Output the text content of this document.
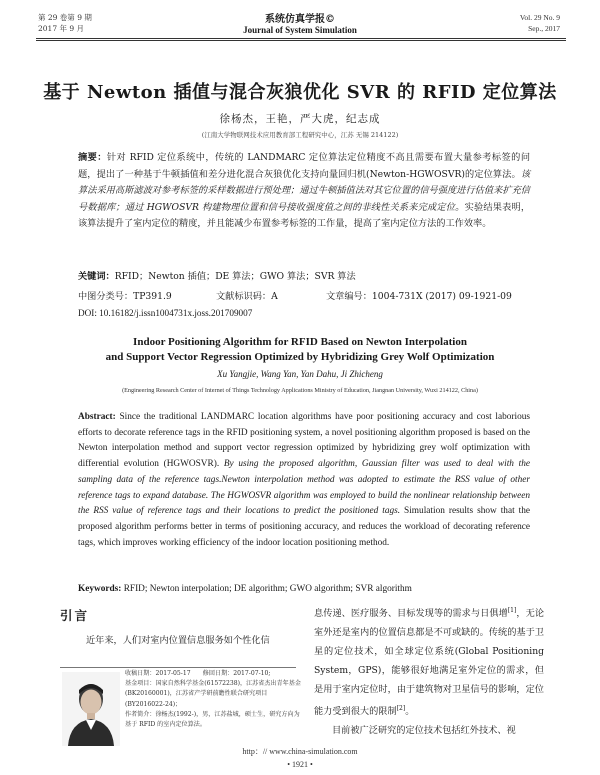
第 29 卷第 9 期
2017 年 9 月
系统仿真学报©
Journal of System Simulation
Vol. 29 No. 9
Sep., 2017
基于 Newton 插值与混合灰狼优化 SVR 的 RFID 定位算法
徐杨杰，王艳，严大虎，纪志成
(江南大学物联网技术应用教育部工程研究中心，江苏 无锡 214122)
摘要：针对 RFID 定位系统中，传统的 LANDMARC 定位算法定位精度不高且需要布置大量参考标签的问题，提出了一种基于牛顿插值和差分进化混合灰狼优化支持向量回归机(Newton-HGWOSVR)的定位算法。该算法采用高斯滤波对参考标签的采样数据进行预处理；通过牛顿插值法对其它位置的信号强度进行估值来扩充信号数据库；通过 HGWOSVR 构建物理位置和信号接收强度值之间的非线性关系来完成定位。实验结果表明，该算法提升了室内定位的精度，并且能减少布置参考标签的工作量，提高了室内定位方法的工作效率。
关键词：RFID；Newton 插值；DE 算法；GWO 算法；SVR 算法
中图分类号：TP391.9	文献标识码：A	文章编号：1004-731X (2017) 09-1921-09
DOI: 10.16182/j.issn1004731x.joss.201709007
Indoor Positioning Algorithm for RFID Based on Newton Interpolation
and Support Vector Regression Optimized by Hybridizing Grey Wolf Optimization
Xu Yangjie, Wang Yan, Yan Dahu, Ji Zhicheng
(Engineering Research Center of Internet of Things Technology Applications Ministry of Education, Jiangnan University, Wuxi 214122, China)
Abstract: Since the traditional LANDMARC location algorithms have poor positioning accuracy and cost laborious efforts to decorate reference tags in the RFID positioning system, a novel positioning algorithm proposed is based on the Newton interpolation method and support vector regression optimized by hybridizing grey wolf optimization with differential evolution (HGWOSVR). By using the proposed algorithm, Gaussian filter was used to deal with the sampling data of the reference tags.Newton interpolation method was adopted to estimate the RSS value of other reference tags to expand database. The HGWOSVR algorithm was employed to build the nonlinear relationship between the RSS value of reference tags and their locations to predict the positioned tags. Simulation results show that the proposed algorithm performs better in terms of positioning accuracy, and reduces the workload of decorating reference tags, which improves working efficiency of the indoor location positioning method.
Keywords: RFID; Newton interpolation; DE algorithm; GWO algorithm; SVR algorithm
引言
近年来，人们对室内位置信息服务如个性化信
收稿日期：2017-05-17　　修回日期：2017-07-10;
基金项目：国家自然科学基金(61572238)，江苏省杰出青年基金(BK20160001)，江苏省产学研前瞻性联合研究项目(BY2016022-24)；
作者简介：徐杨杰(1992-)，男，江苏盐城，硕士生，研究方向为基于 RFID 的室内定位算法。
息传递、医疗服务、目标发现等的需求与日俱增[1]，无论室外还是室内的位置信息都是不可或缺的。传统的基于卫星的定位技术，如全球定位系统(Global Positioning System，GPS)，能够很好地满足室外定位的需求，但是用于室内定位时，由于建筑物对卫星信号的影响，定位能力受到很大的限制[2]。
目前被广泛研究的定位技术包括红外技术、视
http：// www.china-simulation.com
• 1921 •
